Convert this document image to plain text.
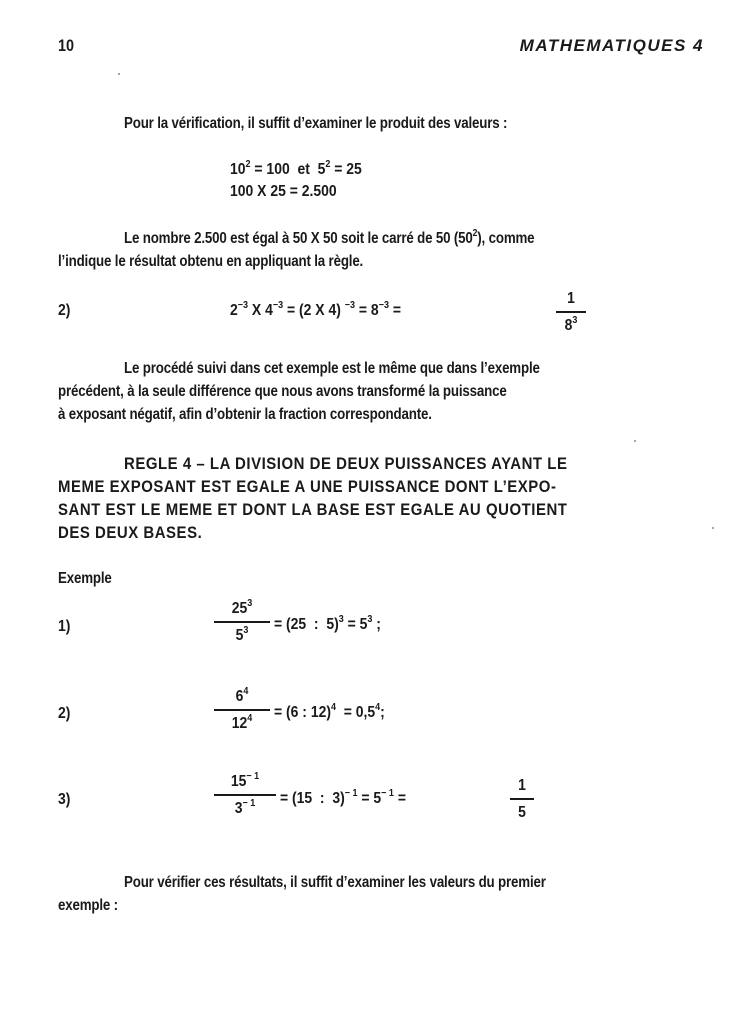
10	MATHEMATIQUES 4
Pour la vérification, il suffit d’examiner le produit des valeurs :
$10^2 = 100$  et  $5^2 = 25$
100 X 25 = 2.500
Le nombre 2.500 est égal à 50 X 50 soit le carré de 50 $(50^2)$, comme
l’indique le résultat obtenu en appliquant la règle.
2)	$2^{-3}$ X $4^{-3} = (2$ X 4) $^{-3} = 8^{-3}$ =
1
$8^3$
Le procédé suivi dans cet exemple est le même que dans l’exemple
précédent, à la seule différence que nous avons transformé la puissance
à exposant négatif, afin d’obtenir la fraction correspondante.
REGLE 4 – LA DIVISION DE DEUX PUISSANCES AYANT LE
MEME EXPOSANT EST EGALE A UNE PUISSANCE DONT L’EXPO-
SANT EST LE MEME ET DONT LA BASE EST EGALE AU QUOTIENT
DES DEUX BASES.
Exemple
1)
$25^3$
$5^3$	= (25  :  $5)^3 = 5^3$ ;
2)
$6^4$
$12^4$	= (6 : $12)^4 = 0,5^4$;
3)
$15^{- 1}$
$3^{- 1}$	= (15  :  $3)^{- 1} = 5^{- 1}$ =
1
5
Pour vérifier ces résultats, il suffit d’examiner les valeurs du premier
exemple :
